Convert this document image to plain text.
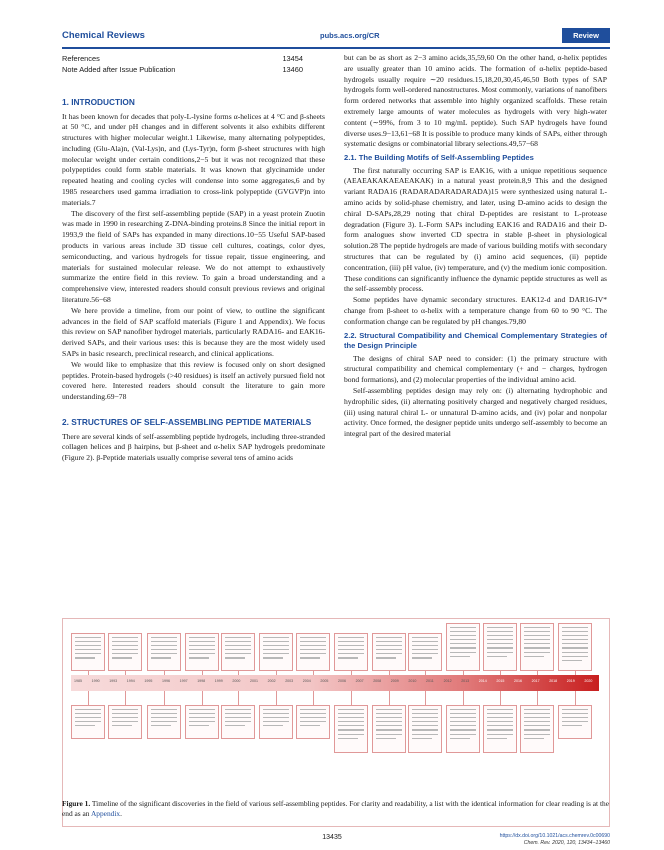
Chemical Reviews	pubs.acs.org/CR	Review
References	13454
Note Added after Issue Publication	13460
1. INTRODUCTION

It has been known for decades that poly-L-lysine forms α-helices at 4 °C and β-sheets at 50 °C, and under pH changes and in different solvents it also exhibits different structures with higher molecular weight.1 Likewise, many alternating polypeptides, including (Glu-Ala)n, (Val-Lys)n, and (Lys-Tyr)n, form β-sheet structures with high molecular weight under certain conditions,2−5 but it was not recognized that these polypeptides could form stable materials. It was known that glycinamide under repeated heating and cooling cycles will condense into some aggregates,6 and by 1985 researchers used gamma irradiation to cross-link polypeptide (GVGVP)n into materials.7

The discovery of the first self-assembling peptide (SAP) in a yeast protein Zuotin was made in 1990 in researching Z-DNA-binding proteins.8 Since the initial report in 1993,9 the field of SAPs has expanded in many directions.10−55 Useful SAP-based products in various areas include 3D tissue cell cultures, coatings, color dyes, semiconducting, and various hydrogels for tissue repair, tissue engineering, and materials for sustained molecular release. We do not attempt to exhaustively summarize the entire field in this review. To gain a broad understanding and a comprehensive view, interested readers should consult previous reviews and original literature.56−68

We here provide a timeline, from our point of view, to outline the significant advances in the field of SAP scaffold materials (Figure 1 and Appendix). We focus this review on SAP nanofiber hydrogel materials, particularly RADA16- and EAK16-derived SAPs, and their various uses: this is because they are the most widely used SAPs in basic research, preclinical research, and clinical applications.

We would like to emphasize that this review is focused only on short designed peptides. Protein-based hydrogels (>40 residues) is itself an actively pursued field not covered here. Interested readers should consult the literature to gain more understanding.69−78

2. STRUCTURES OF SELF-ASSEMBLING PEPTIDE MATERIALS

There are several kinds of self-assembling peptide hydrogels, including three-stranded collagen helices and β hairpins, but β-sheet and α-helix SAP hydrogels predominate (Figure 2). β-Peptide materials usually comprise several tens of amino acids

but can be as short as 2−3 amino acids,35,59,60 On the other hand, α-helix peptides are usually greater than 10 amino acids. The formation of α-helix peptide-based hydrogels usually require ∼20 residues.15,18,20,30,45,46,50 Both types of SAP hydrogels form well-ordered nanostructures. Most commonly, variations of nanofibers form ordered networks that assemble into highly organized scaffolds. These retain extremely large amounts of water molecules as hydrogels with very high-water content (∼99%, from 3 to 10 mg/mL peptide). Such SAP hydrogels have found diverse uses.9−13,61−68 It is possible to produce many kinds of SAPs, either through systematic designs or combinatorial library selections.49,57−68

2.1. The Building Motifs of Self-Assembling Peptides

The first naturally occurring SAP is EAK16, with a unique repetitious sequence (AEAEAKAKAEAEAKAK) in a natural yeast protein.8,9 This and the designed variant RADA16 (RADARADARADARADA)15 were synthesized using natural L-amino acids by solid-phase chemistry, and later, using D-amino acids to design the chiral D-SAPs,28,29 noting that chiral D-peptides are resistant to L-protease degradation (Figure 3). L-Form SAPs including EAK16 and RADA16 and their D-form analogues show inverted CD spectra in stable β-sheet in physiological solution.28 The peptide hydrogels are made of various building motifs with secondary structures that can be regulated by (i) amino acid sequences, (ii) peptide concentration, (iii) pH value, (iv) temperature, and (v) the medium ionic composition. These conditions can significantly influence the dynamic peptide structures as well as the self-assembly process.

Some peptides have dynamic secondary structures. EAK12-d and DAR16-IV* change from β-sheet to α-helix with a temperature change from 60 to 90 °C. The conformation change can be regulated by pH changes.79,80

2.2. Structural Compatibility and Chemical Complementary Strategies of the Design Principle

The designs of chiral SAP need to consider: (1) the primary structure with structural compatibility and chemical complementary (+ and − charges, hydrogen bond formations), and (2) molecular properties of the individual amino acid.

Self-assembling peptides design may rely on: (i) alternating hydrophobic and hydrophilic sides, (ii) alternating positively charged and negatively charged residues, (iii) using natural chiral L- or unnatural D-amino acids, and (iv) polar and nonpolar activity. Once formed, the designer peptide units undergo self-assembly to become an integral part of the desired material

1985	1990	1993	1994	1995	1996	1997	1998	1999	2000	2001	2002	2003	2004	2005	2006	2007	2008	2009	2010	2011	2012	2013	2014	2015	2016	2017	2018	2019	2020
Figure 1. Timeline of the significant discoveries in the field of various self-assembling peptides. For clarity and readability, a list with the identical information for clear reading is at the end as an Appendix.
13435	https://dx.doi.org/10.1021/acs.chemrev.0c00690
Chem. Rev. 2020, 120, 13434−13460
